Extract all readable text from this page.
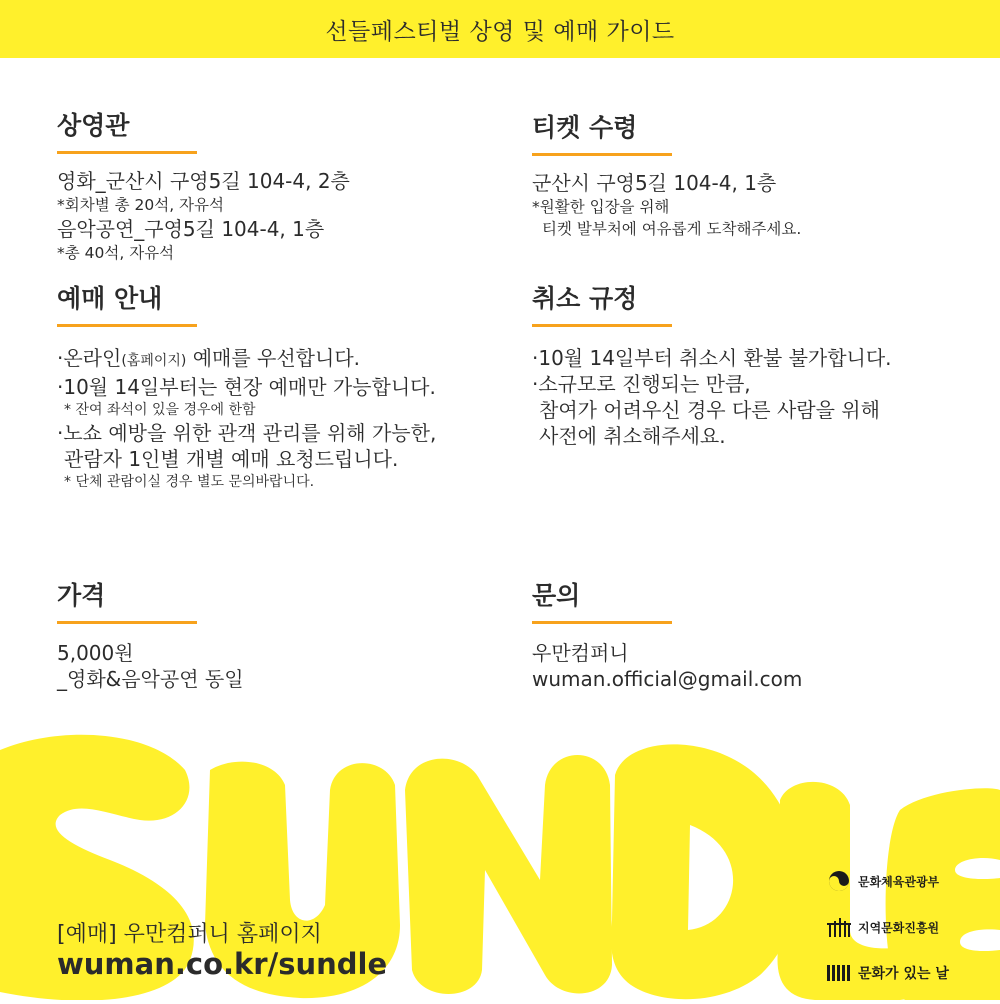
선들페스티벌 상영 및 예매 가이드
상영관
영화_군산시 구영5길 104-4, 2층
*회차별 총 20석, 자유석
음악공연_구영5길 104-4, 1층
*총 40석, 자유석
티켓 수령
군산시 구영5길 104-4, 1층
*원활한 입장을 위해
티켓 발부처에 여유롭게 도착해주세요.
예매 안내
·온라인(홈페이지) 예매를 우선합니다.
·10월 14일부터는 현장 예매만 가능합니다.
* 잔여 좌석이 있을 경우에 한함
·노쇼 예방을 위한 관객 관리를 위해 가능한,
관람자 1인별 개별 예매 요청드립니다.
* 단체 관람이실 경우 별도 문의바랍니다.
취소 규정
·10월 14일부터 취소시 환불 불가합니다.
·소규모로 진행되는 만큼,
참여가 어려우신 경우 다른 사람을 위해
사전에 취소해주세요.
가격
5,000원
_영화&음악공연 동일
문의
우만컴퍼니
wuman.official@gmail.com
[예매] 우만컴퍼니 홈페이지
wuman.co.kr/sundle
문화체육관광부
지역문화진흥원
문화가 있는 날
